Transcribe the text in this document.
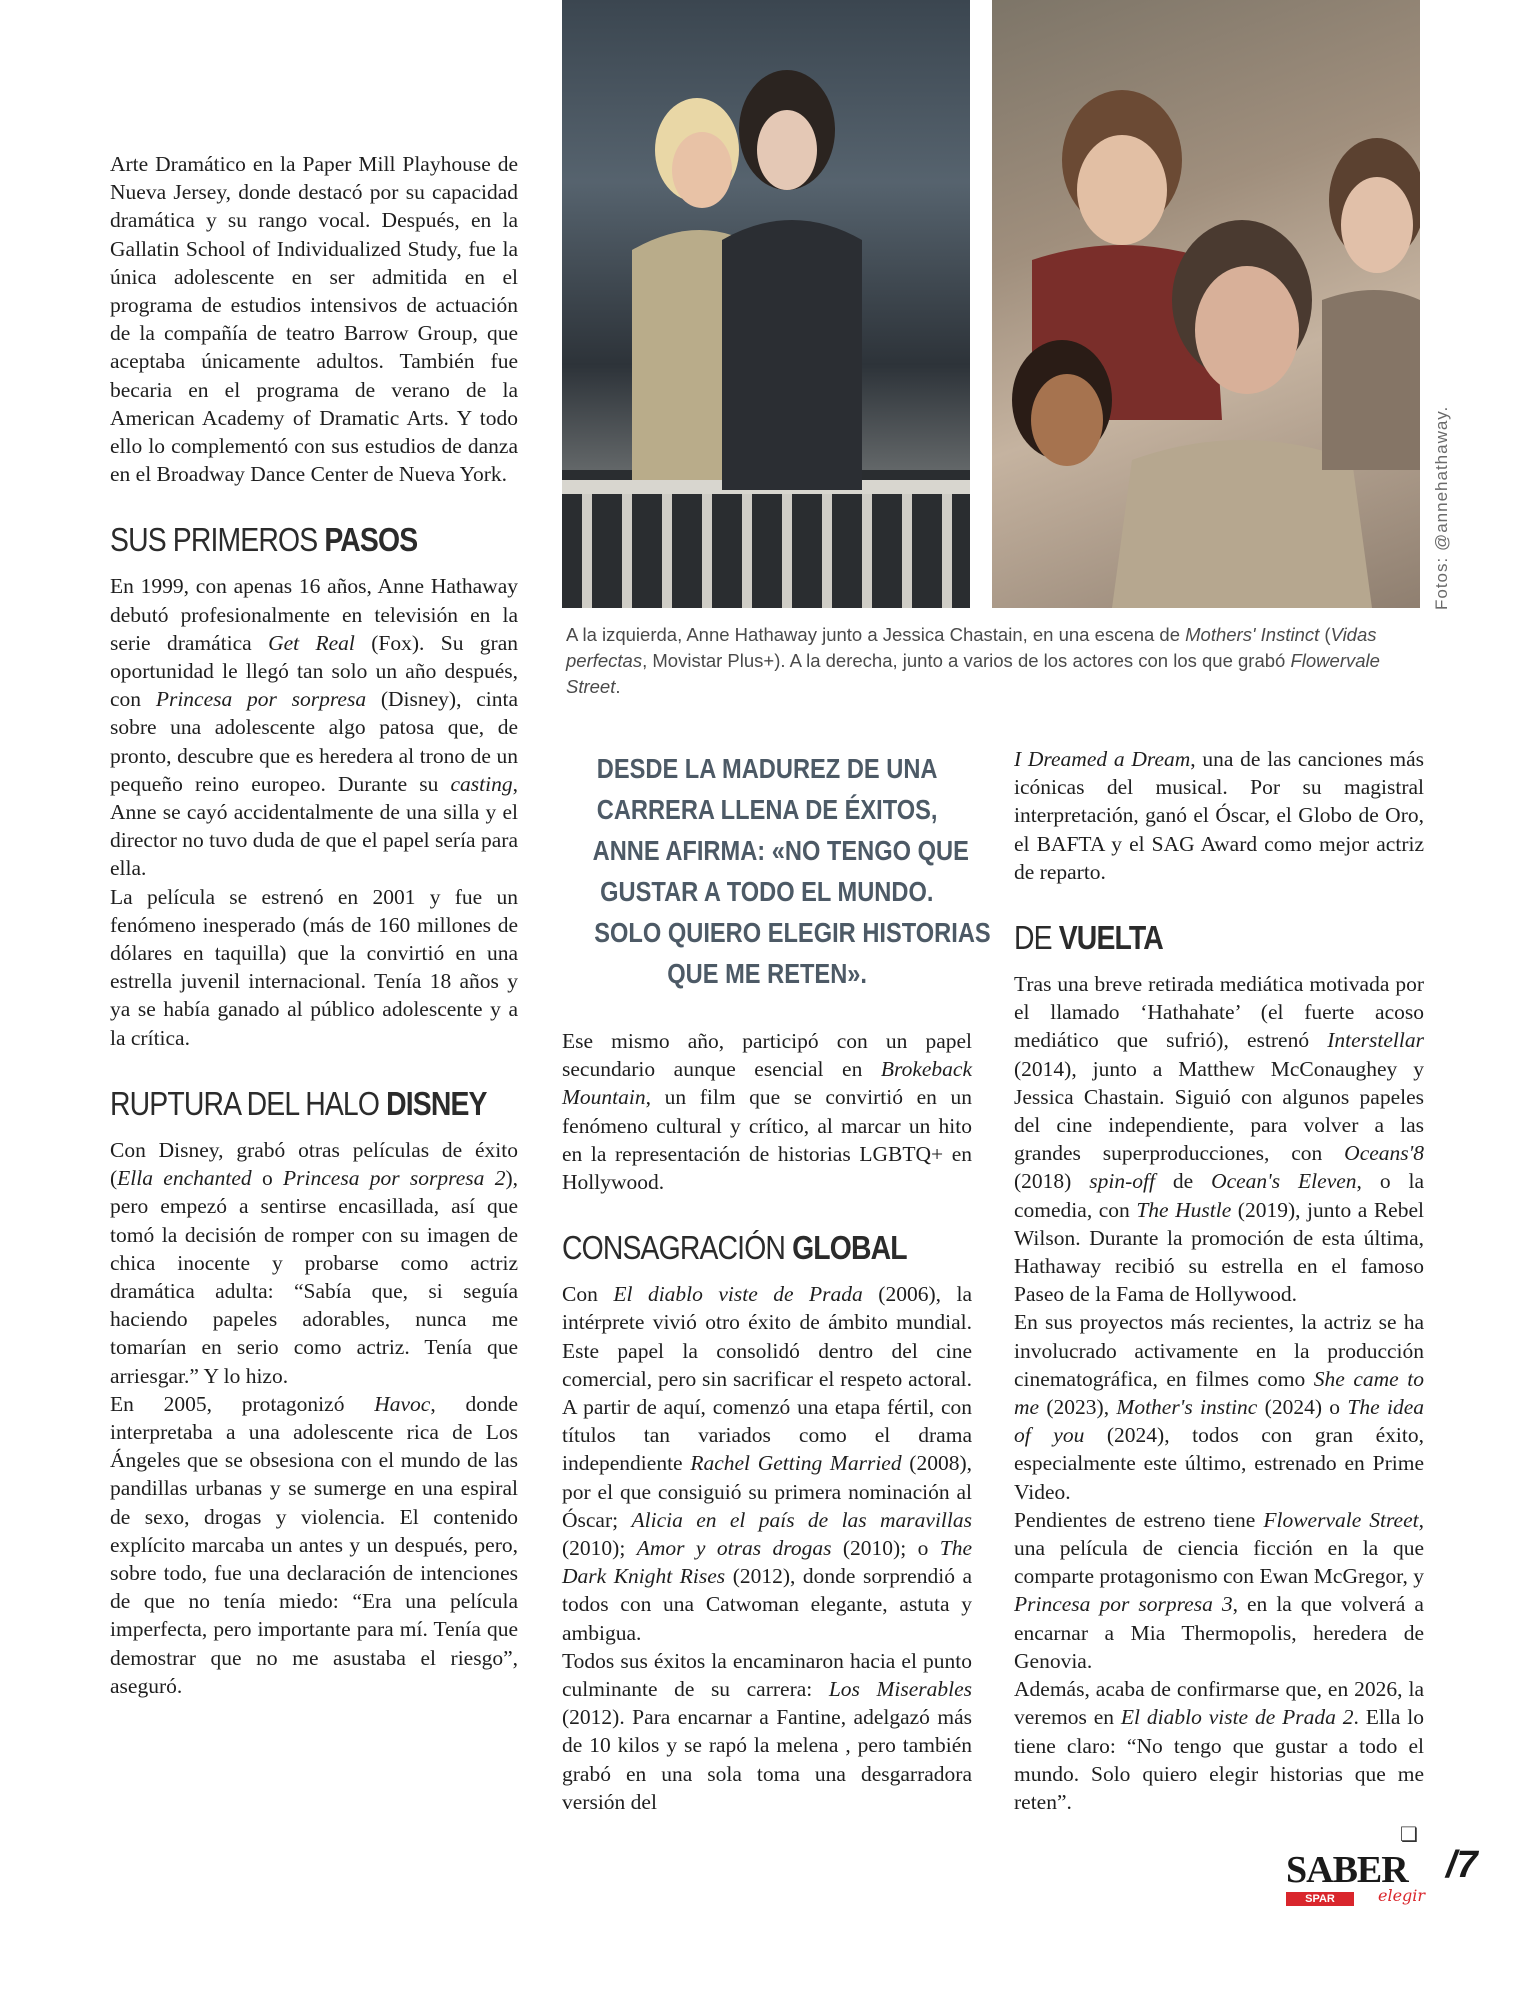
Arte Dramático en la Paper Mill Playhouse de Nueva Jersey, donde destacó por su capacidad dramática y su rango vocal. Después, en la Gallatin School of Individualized Study, fue la única adolescente en ser admitida en el programa de estudios intensivos de actuación de la compañía de teatro Barrow Group, que aceptaba únicamente adultos. También fue becaria en el programa de verano de la American Academy of Dramatic Arts. Y todo ello lo complementó con sus estudios de danza en el Broadway Dance Center de Nueva York.

SUS PRIMEROS PASOS

En 1999, con apenas 16 años, Anne Hathaway debutó profesionalmente en televisión en la serie dramática Get Real (Fox). Su gran oportunidad le llegó tan solo un año después, con Princesa por sorpresa (Disney), cinta sobre una adolescente algo patosa que, de pronto, descubre que es heredera al trono de un pequeño reino europeo. Durante su casting, Anne se cayó accidentalmente de una silla y el director no tuvo duda de que el papel sería para ella.

La película se estrenó en 2001 y fue un fenómeno inesperado (más de 160 millones de dólares en taquilla) que la convirtió en una estrella juvenil internacional. Tenía 18 años y ya se había ganado al público adolescente y a la crítica.

RUPTURA DEL HALO DISNEY

Con Disney, grabó otras películas de éxito (Ella enchanted o Princesa por sorpresa 2), pero empezó a sentirse encasillada, así que tomó la decisión de romper con su imagen de chica inocente y probarse como actriz dramática adulta: “Sabía que, si seguía haciendo papeles adorables, nunca me tomarían en serio como actriz. Tenía que arriesgar.” Y lo hizo.

En 2005, protagonizó Havoc, donde interpretaba a una adolescente rica de Los Ángeles que se obsesiona con el mundo de las pandillas urbanas y se sumerge en una espiral de sexo, drogas y violencia. El contenido explícito marcaba un antes y un después, pero, sobre todo, fue una declaración de intenciones de que no tenía miedo: “Era una película imperfecta, pero importante para mí. Tenía que demostrar que no me asustaba el riesgo”, aseguró.

Fotos: @annehathaway.
A la izquierda, Anne Hathaway junto a Jessica Chastain, en una escena de Mothers' Instinct (Vidas perfectas, Movistar Plus+). A la derecha, junto a varios de los actores con los que grabó Flowervale Street.
DESDE LA MADUREZ DE UNA
CARRERA LLENA DE ÉXITOS,
ANNE AFIRMA: «NO TENGO QUE
GUSTAR A TODO EL MUNDO.
SOLO QUIERO ELEGIR HISTORIAS
QUE ME RETEN».

Ese mismo año, participó con un papel secundario aunque esencial en Brokeback Mountain, un film que se convirtió en un fenómeno cultural y crítico, al marcar un hito en la representación de historias LGBTQ+ en Hollywood.

CONSAGRACIÓN GLOBAL

Con El diablo viste de Prada (2006), la intérprete vivió otro éxito de ámbito mundial. Este papel la consolidó dentro del cine comercial, pero sin sacrificar el respeto actoral. A partir de aquí, comenzó una etapa fértil, con títulos tan variados como el drama independiente Rachel Getting Married (2008), por el que consiguió su primera nominación al Óscar; Alicia en el país de las maravillas (2010); Amor y otras drogas (2010); o The Dark Knight Rises (2012), donde sorprendió a todos con una Catwoman elegante, astuta y ambigua.

Todos sus éxitos la encaminaron hacia el punto culminante de su carrera: Los Miserables (2012). Para encarnar a Fantine, adelgazó más de 10 kilos y se rapó la melena , pero también grabó en una sola toma una desgarradora versión del

I Dreamed a Dream, una de las canciones más icónicas del musical. Por su magistral interpretación, ganó el Óscar, el Globo de Oro, el BAFTA y el SAG Award como mejor actriz de reparto.

DE VUELTA

Tras una breve retirada mediática motivada por el llamado ‘Hathahate’ (el fuerte acoso mediático que sufrió), estrenó Interstellar (2014), junto a Matthew McConaughey y Jessica Chastain. Siguió con algunos papeles del cine independiente, para volver a las grandes superproducciones, con Oceans'8 (2018) spin-off de Ocean's Eleven, o la comedia, con The Hustle (2019), junto a Rebel Wilson. Durante la promoción de esta última, Hathaway recibió su estrella en el famoso Paseo de la Fama de Hollywood.

En sus proyectos más recientes, la actriz se ha involucrado activamente en la producción cinematográfica, en filmes como She came to me (2023), Mother's instinc (2024) o The idea of you (2024), todos con gran éxito, especialmente este último, estrenado en Prime Video.

Pendientes de estreno tiene Flowervale Street, una película de ciencia ficción en la que comparte protagonismo con Ewan McGregor, y Princesa por sorpresa 3, en la que volverá a encarnar a Mia Thermopolis, heredera de Genovia.

Además, acaba de confirmarse que, en 2026, la veremos en El diablo viste de Prada 2. Ella lo tiene claro: “No tengo que gustar a todo el mundo. Solo quiero elegir historias que me reten”.

❏
SABER
SPAR	elegir
/7
